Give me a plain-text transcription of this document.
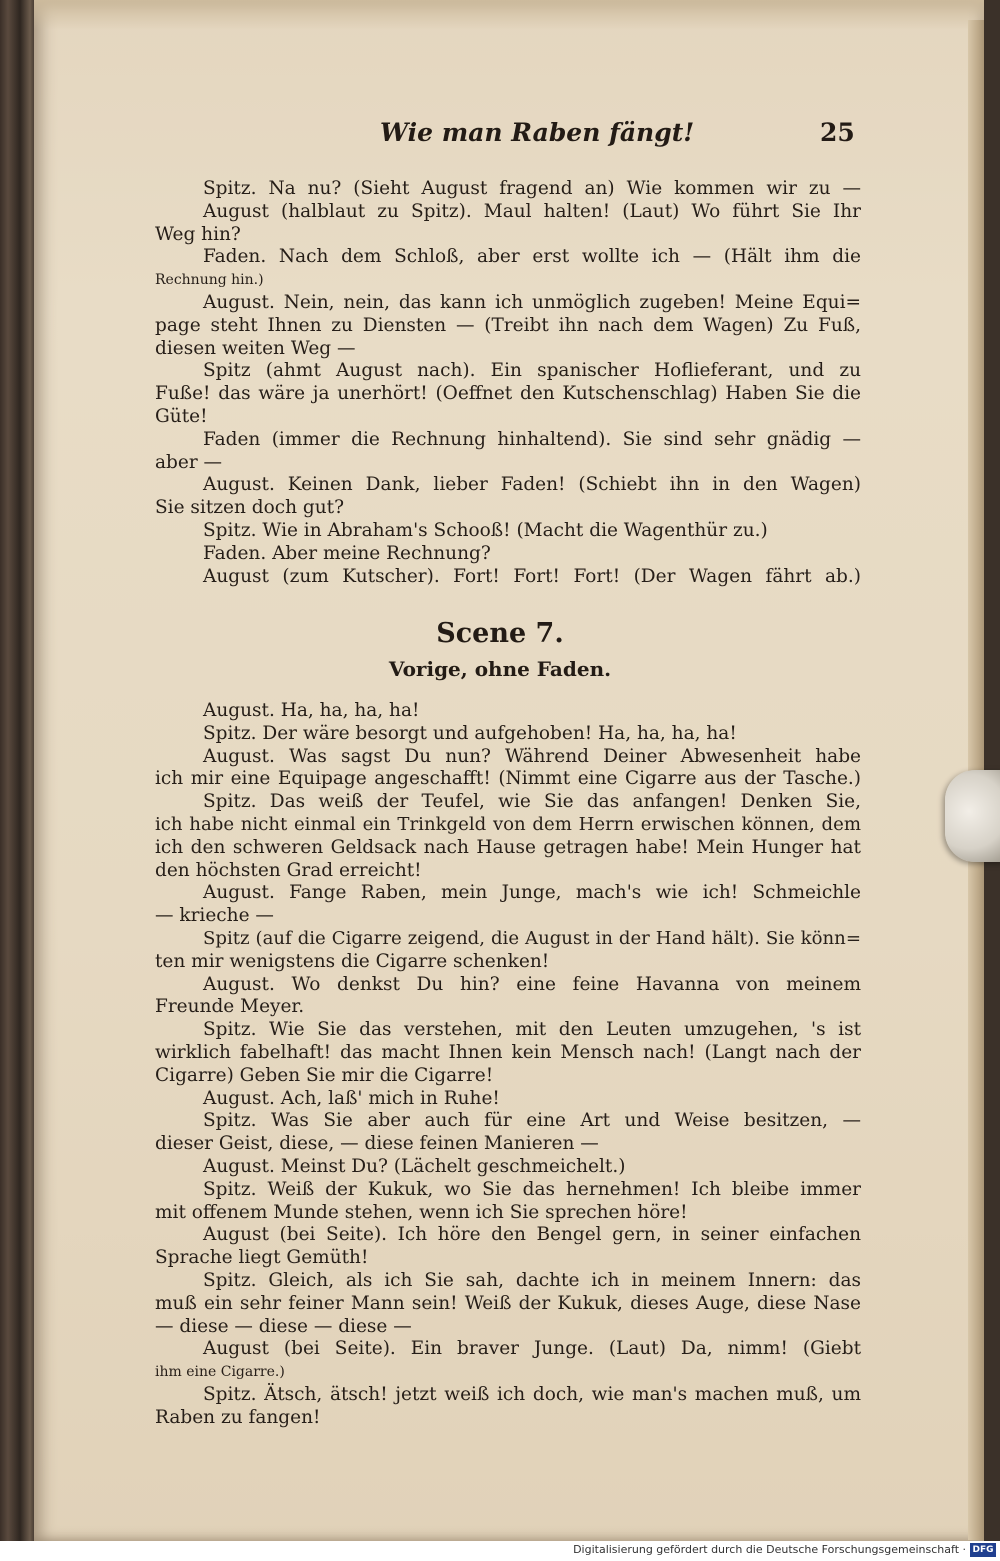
Wie man Raben fängt!	25
Spitz. Na nu? (Sieht August fragend an) Wie kommen wir zu —
August (halblaut zu Spitz). Maul halten! (Laut) Wo führt Sie Ihr
Weg hin?
Faden. Nach dem Schloß, aber erst wollte ich — (Hält ihm die
Rechnung hin.)
August. Nein, nein, das kann ich unmöglich zugeben! Meine Equi=
page steht Ihnen zu Diensten — (Treibt ihn nach dem Wagen) Zu Fuß,
diesen weiten Weg —
Spitz (ahmt August nach). Ein spanischer Hoflieferant, und zu
Fuße! das wäre ja unerhört! (Oeffnet den Kutschenschlag) Haben Sie die
Güte!
Faden (immer die Rechnung hinhaltend). Sie sind sehr gnädig —
aber —
August. Keinen Dank, lieber Faden! (Schiebt ihn in den Wagen)
Sie sitzen doch gut?
Spitz. Wie in Abraham's Schooß! (Macht die Wagenthür zu.)
Faden. Aber meine Rechnung?
August (zum Kutscher). Fort! Fort! Fort! (Der Wagen fährt ab.)
Scene 7.
Vorige, ohne Faden.
August. Ha, ha, ha, ha!
Spitz. Der wäre besorgt und aufgehoben! Ha, ha, ha, ha!
August. Was sagst Du nun? Während Deiner Abwesenheit habe
ich mir eine Equipage angeschafft! (Nimmt eine Cigarre aus der Tasche.)
Spitz. Das weiß der Teufel, wie Sie das anfangen! Denken Sie,
ich habe nicht einmal ein Trinkgeld von dem Herrn erwischen können, dem
ich den schweren Geldsack nach Hause getragen habe! Mein Hunger hat
den höchsten Grad erreicht!
August. Fange Raben, mein Junge, mach's wie ich! Schmeichle
— krieche —
Spitz (auf die Cigarre zeigend, die August in der Hand hält). Sie könn=
ten mir wenigstens die Cigarre schenken!
August. Wo denkst Du hin? eine feine Havanna von meinem
Freunde Meyer.
Spitz. Wie Sie das verstehen, mit den Leuten umzugehen, 's ist
wirklich fabelhaft! das macht Ihnen kein Mensch nach! (Langt nach der
Cigarre) Geben Sie mir die Cigarre!
August. Ach, laß' mich in Ruhe!
Spitz. Was Sie aber auch für eine Art und Weise besitzen, —
dieser Geist, diese, — diese feinen Manieren —
August. Meinst Du? (Lächelt geschmeichelt.)
Spitz. Weiß der Kukuk, wo Sie das hernehmen! Ich bleibe immer
mit offenem Munde stehen, wenn ich Sie sprechen höre!
August (bei Seite). Ich höre den Bengel gern, in seiner einfachen
Sprache liegt Gemüth!
Spitz. Gleich, als ich Sie sah, dachte ich in meinem Innern: das
muß ein sehr feiner Mann sein! Weiß der Kukuk, dieses Auge, diese Nase
— diese — diese — diese —
August (bei Seite). Ein braver Junge. (Laut) Da, nimm! (Giebt
ihm eine Cigarre.)
Spitz. Ätsch, ätsch! jetzt weiß ich doch, wie man's machen muß, um
Raben zu fangen!
Digitalisierung gefördert durch die Deutsche Forschungsgemeinschaft · DFG
